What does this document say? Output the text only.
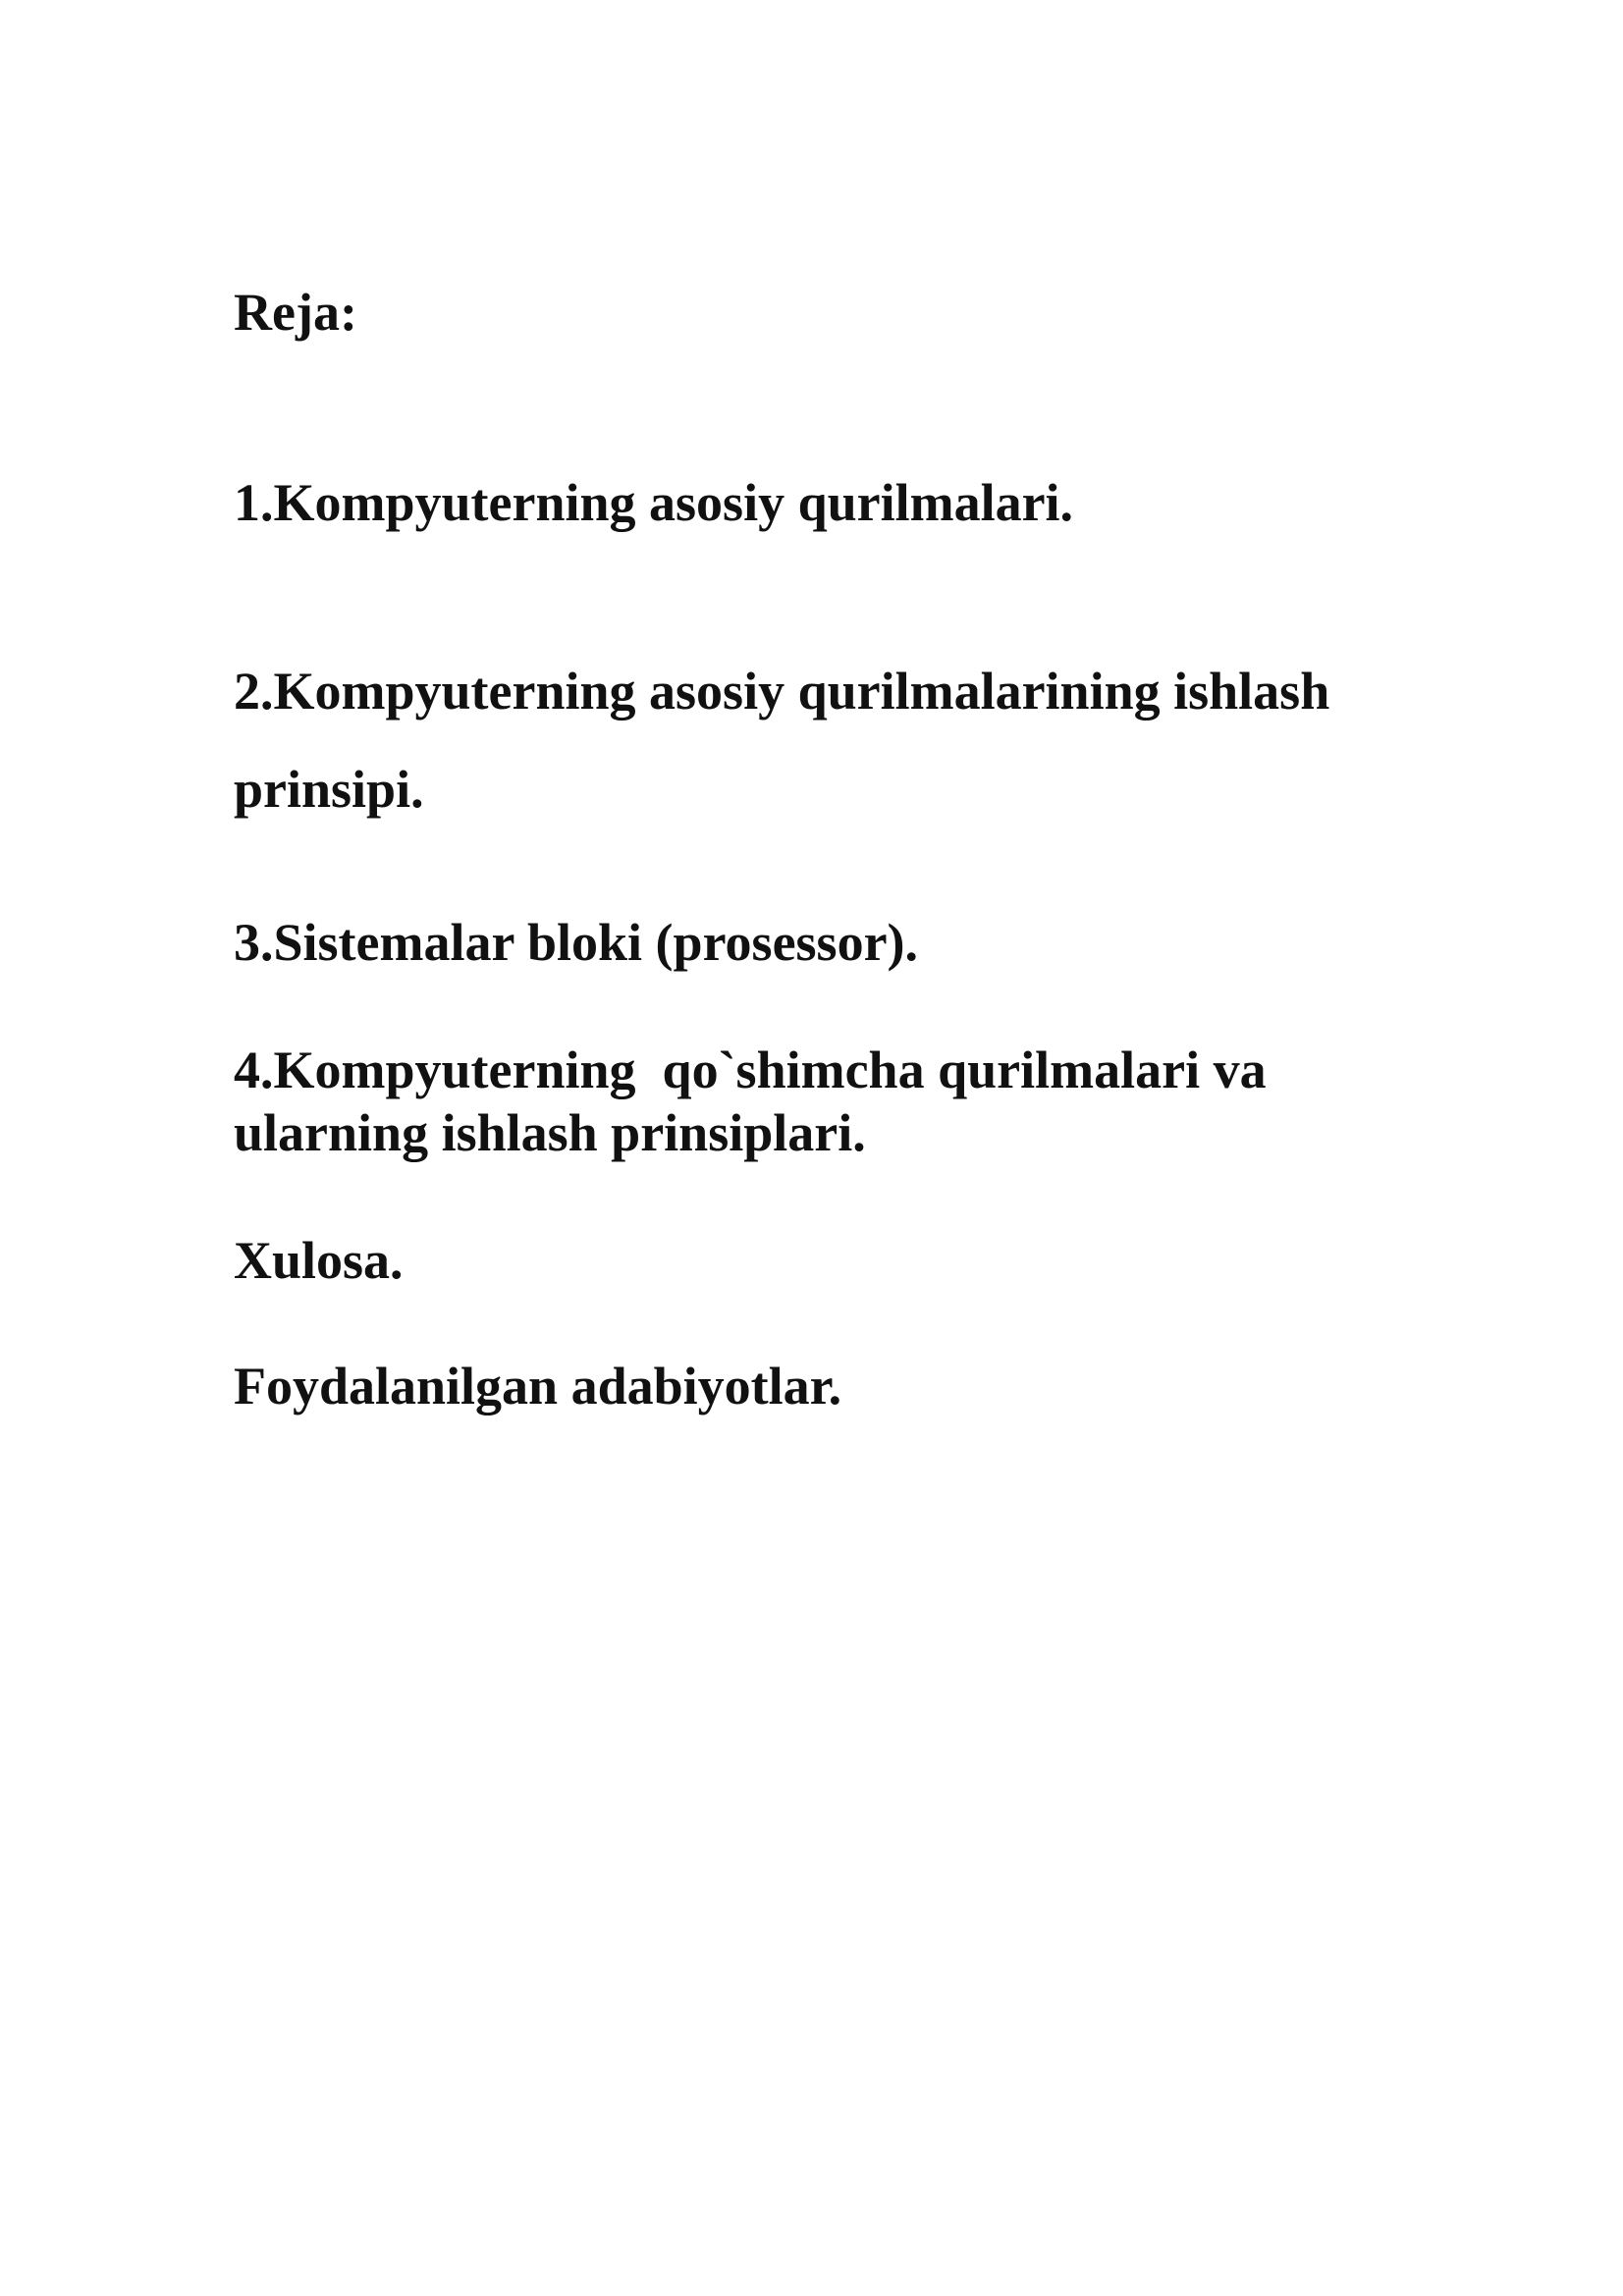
Reja:

1.Kompyuterning asosiy qurilmalari.

2.Kompyuterning asosiy qurilmalarining ishlash

prinsipi.

3.Sistemalar bloki (prosessor).

4.Kompyuterning  qo`shimcha qurilmalari va

ularning ishlash prinsiplari.

Xulosa.

Foydalanilgan adabiyotlar.
